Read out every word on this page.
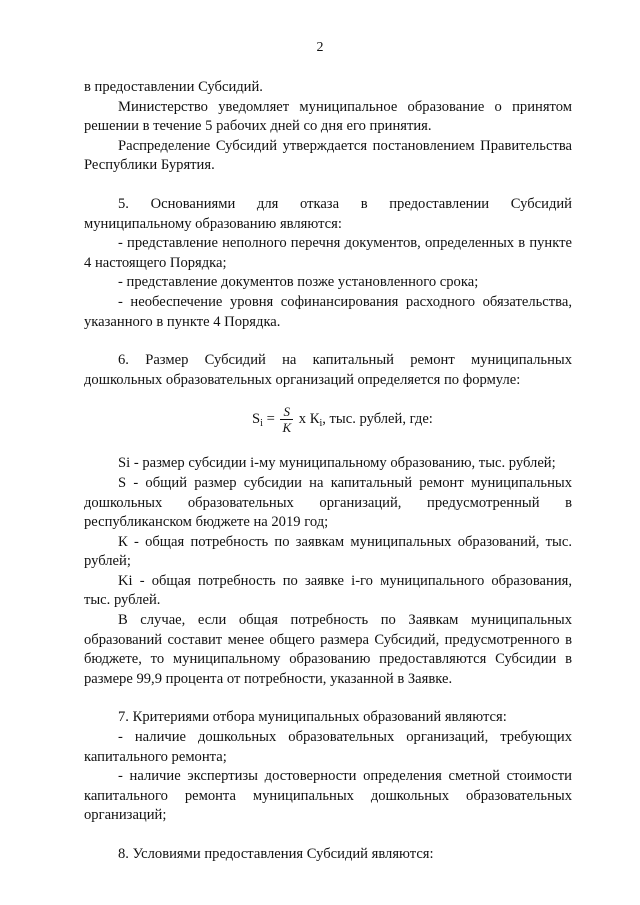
2

в предоставлении Субсидий.

Министерство уведомляет муниципальное образование о принятом решении в течение 5 рабочих дней со дня его принятия.

Распределение Субсидий утверждается постановлением Правительства Республики Бурятия.

5. Основаниями для отказа в предоставлении Субсидий муниципальному образованию являются:

- представление неполного перечня документов, определенных в пункте 4 настоящего Порядка;

- представление документов позже установленного срока;

- необеспечение уровня софинансирования расходного обязательства, указанного в пункте 4 Порядка.

6. Размер Субсидий на капитальный ремонт муниципальных дошкольных образовательных организаций определяется по формуле:

$S_i = \frac{S}{K}$ x $К_i$, тыс. рублей, где:

Si - размер субсидии i-му муниципальному образованию, тыс. рублей;

S - общий размер субсидии на капитальный ремонт муниципальных дошкольных образовательных организаций, предусмотренный в республиканском бюджете на 2019 год;

К - общая потребность по заявкам муниципальных образований, тыс. рублей;

Ki - общая потребность по заявке i-го муниципального образования, тыс. рублей.

В случае, если общая потребность по Заявкам муниципальных образований составит менее общего размера Субсидий, предусмотренного в бюджете, то муниципальному образованию предоставляются Субсидии в размере 99,9 процента от потребности, указанной в Заявке.

7. Критериями отбора муниципальных образований являются:

- наличие дошкольных образовательных организаций, требующих капитального ремонта;

- наличие экспертизы достоверности определения сметной стоимости капитального ремонта муниципальных дошкольных образовательных организаций;

8. Условиями предоставления Субсидий являются:
